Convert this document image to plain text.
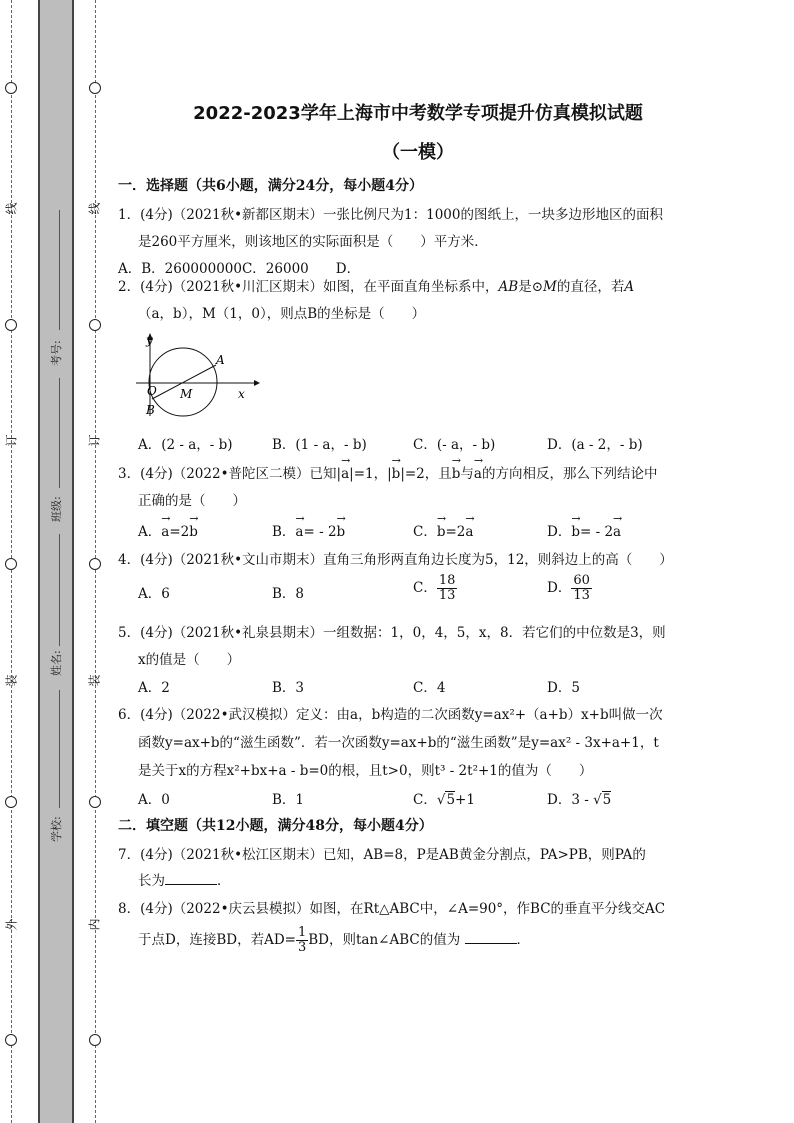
线
订
装
外
线
订
装
内
考号:
班级:
姓名:
学校:
2022-2023学年上海市中考数学专项提升仿真模拟试题
（一模）
一．选择题（共6小题，满分24分，每小题4分）
1．(4分)（2021秋•新都区期末）一张比例尺为1：1000的图纸上，一块多边形地区的面积
是260平方厘米，则该地区的实际面积是（　　）平方米．
A．B．260000000C．26000　　D．
2．(4分)（2021秋•川汇区期末）如图，在平面直角坐标系中，AB是⊙M的直径，若A
（a，b），M（1，0），则点B的坐标是（　　）
y
x
O M
A
B
A．(2 - a，- b)	B．(1 - a，- b)	C．(- a，- b)	D．(a - 2，- b)
3．(4分)（2022•普陀区二模）已知|→ a|=1，|→ b|=2，且→ b与→ a的方向相反，那么下列结论中
正确的是（　　）
A．→ a=2→ b	B．→ a= - 2→ b	C．→ b=2→ a	D．→ b= - 2→ a
4．(4分)（2021秋•文山市期末）直角三角形两直角边长度为5，12，则斜边上的高（　　）
A．6	B．8	C． $\frac{18}{13}$	D． $\frac{60}{13}$
5．(4分)（2021秋•礼泉县期末）一组数据：1，0，4，5，x，8．若它们的中位数是3，则
x的值是（　　）
A．2	B．3	C．4	D．5
6．(4分)（2022•武汉模拟）定义：由a，b构造的二次函数y=ax²+（a+b）x+b叫做一次
函数y=ax+b的“滋生函数”．若一次函数y=ax+b的“滋生函数”是y=ax² - 3x+a+1，t
是关于x的方程x²+bx+a - b=0的根，且t>0，则t³ - 2t²+1的值为（　　）
A．0	B．1	C．√5+1	D．3 - √5
二．填空题（共12小题，满分48分，每小题4分）
7．(4分)（2021秋•松江区期末）已知，AB=8，P是AB黄金分割点，PA>PB，则PA的
长为	．
8．(4分)（2022•庆云县模拟）如图，在Rt△ABC中，∠A=90°，作BC的垂直平分线交AC
于点D，连接BD，若$AD= \frac{1}{3}$ BD，则tan∠ABC的值为	．
